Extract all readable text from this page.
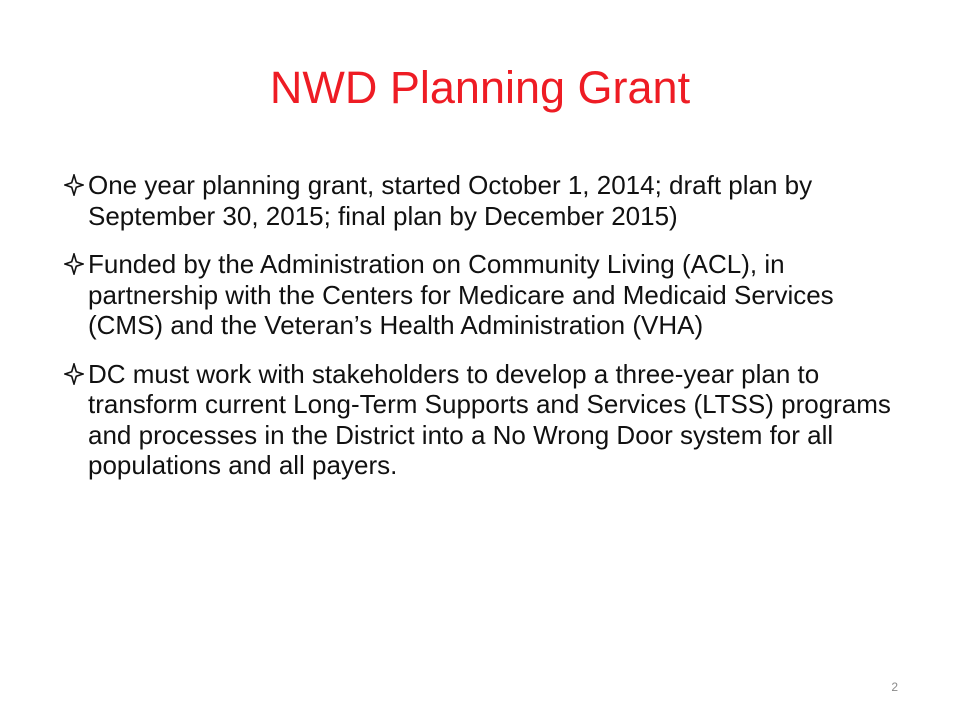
NWD Planning Grant
One year planning grant, started October 1, 2014; draft plan by September 30, 2015; final plan by December 2015)
Funded by the Administration on Community Living (ACL), in partnership with the Centers for Medicare and Medicaid Services (CMS) and the Veteran’s Health Administration (VHA)
DC must work with stakeholders to develop a three-year plan to transform current Long-Term Supports and Services (LTSS) programs and processes in the District into a No Wrong Door system for all populations and all payers.
2
